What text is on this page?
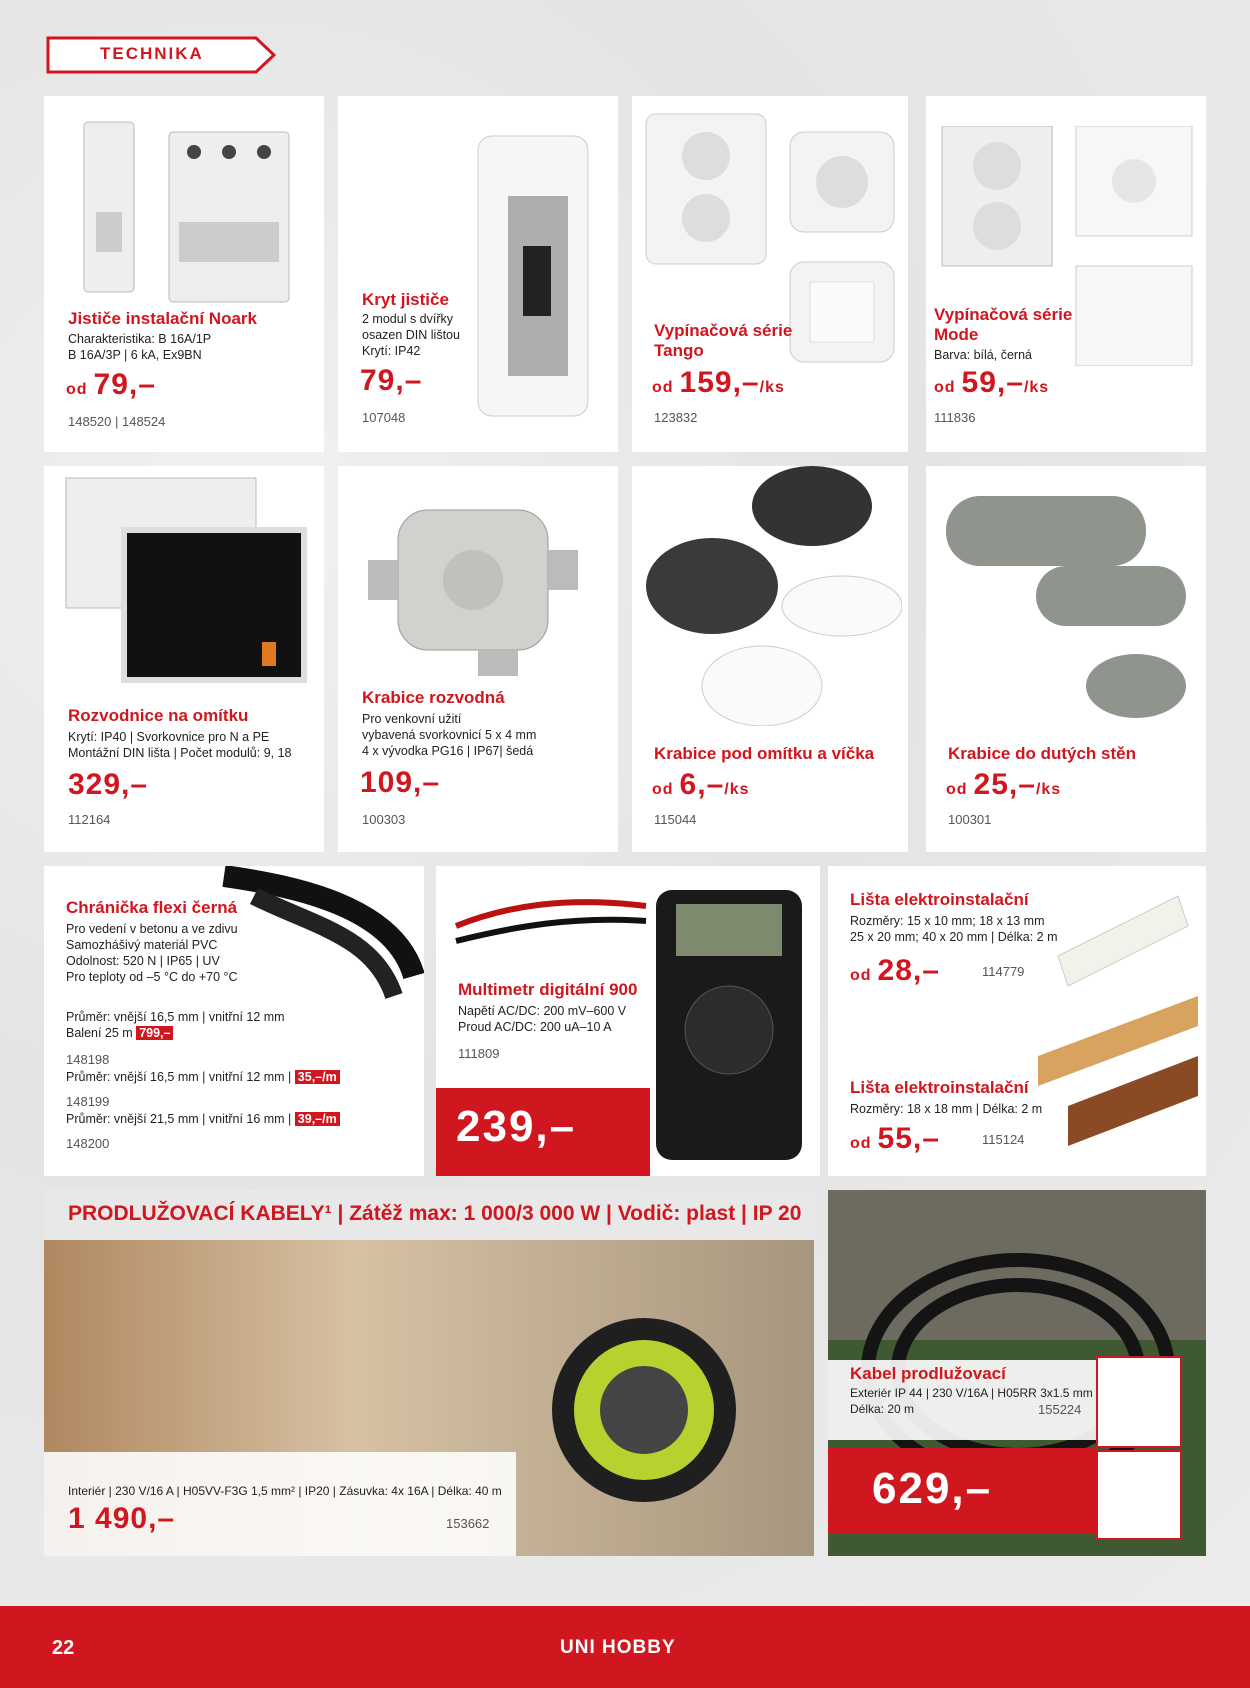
TECHNIKA
Jističe instalační Noark
Charakteristika: B 16A/1P
B 16A/3P | 6 kA, Ex9BN
od 79,–
148520 | 148524
Kryt jističe
2 modul s dvířky
osazen DIN lištou
Krytí: IP42
79,–
107048
Vypínačová série
Tango
od 159,–/ks
123832
Vypínačová série
Mode
Barva: bílá, černá
od 59,–/ks
111836
Rozvodnice na omítku
Krytí: IP40 | Svorkovnice pro N a PE
Montážní DIN lišta | Počet modulů: 9, 18
329,–
112164
Krabice rozvodná
Pro venkovní užití
vybavená svorkovnicí 5 x 4 mm
4 x vývodka PG16 | IP67| šedá
109,–
100303
Krabice pod omítku a víčka
od 6,–/ks
115044
Krabice do dutých stěn
od 25,–/ks
100301
Chránička flexi černá
Pro vedení v betonu a ve zdivu
Samozhášivý materiál PVC
Odolnost: 520 N | IP65 | UV
Pro teploty od –5 °C do +70 °C
Průměr: vnější 16,5 mm | vnitřní 12 mm
Balení 25 m 799,–
148198
Průměr: vnější 16,5 mm | vnitřní 12 mm | 35,–/m
148199
Průměr: vnější 21,5 mm | vnitřní 16 mm | 39,–/m
148200
Multimetr digitální 900
Napětí AC/DC: 200 mV–600 V
Proud AC/DC: 200 uA–10 A
111809
239,–
Lišta elektroinstalační
Rozměry: 15 x 10 mm; 18 x 13 mm
25 x 20 mm; 40 x 20 mm | Délka: 2 m
od 28,–	114779
Lišta elektroinstalační
Rozměry: 18 x 18 mm | Délka: 2 m
od 55,–	115124
PRODLUŽOVACÍ KABELY¹ | Zátěž max: 1 000/3 000 W | Vodič: plast | IP 20
Interiér | 230 V/16 A | H05VV-F3G 1,5 mm² | IP20 | Zásuvka: 4x 16A | Délka: 40 m
1 490,–	153662
Kabel prodlužovací
Exteriér IP 44 | 230 V/16A | H05RR 3x1.5 mm
Délka: 20 m	155224
629,–
22	UNI HOBBY
